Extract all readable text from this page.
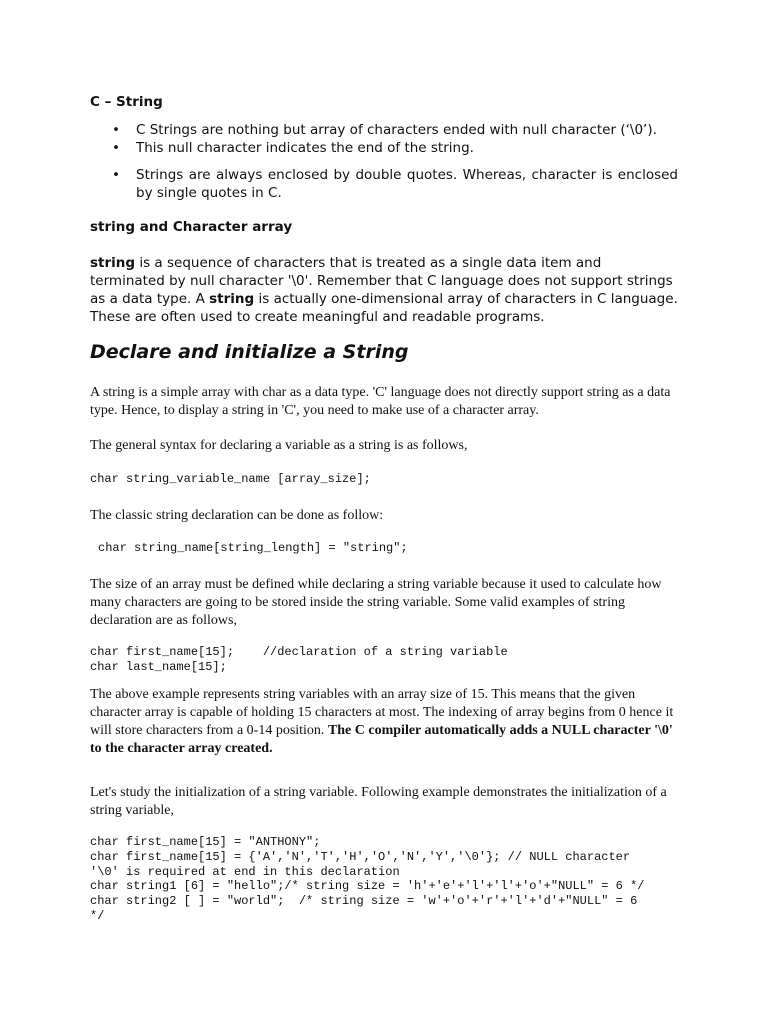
C – String
• C Strings are nothing but array of characters ended with null character (‘\0’).
• This null character indicates the end of the string.
• Strings are always enclosed by double quotes. Whereas, character is enclosed by single quotes in C.
string and Character array
string is a sequence of characters that is treated as a single data item and terminated by null character '\0'. Remember that C language does not support strings as a data type. A string is actually one-dimensional array of characters in C language. These are often used to create meaningful and readable programs.
Declare and initialize a String
A string is a simple array with char as a data type. 'C' language does not directly support string as a data type. Hence, to display a string in 'C', you need to make use of a character array.
The general syntax for declaring a variable as a string is as follows,
char string_variable_name [array_size];
The classic string declaration can be done as follow:
char string_name[string_length] = "string";
The size of an array must be defined while declaring a string variable because it used to calculate how many characters are going to be stored inside the string variable. Some valid examples of string declaration are as follows,
char first_name[15];    //declaration of a string variable
char last_name[15];
The above example represents string variables with an array size of 15. This means that the given character array is capable of holding 15 characters at most. The indexing of array begins from 0 hence it will store characters from a 0-14 position. The C compiler automatically adds a NULL character '\0' to the character array created.
Let's study the initialization of a string variable. Following example demonstrates the initialization of a string variable,
char first_name[15] = "ANTHONY";
char first_name[15] = {'A','N','T','H','O','N','Y','\0'}; // NULL character
'\0' is required at end in this declaration
char string1 [6] = "hello";/* string size = 'h'+'e'+'l'+'l'+'o'+"NULL" = 6 */
char string2 [ ] = "world";  /* string size = 'w'+'o'+'r'+'l'+'d'+"NULL" = 6
*/
